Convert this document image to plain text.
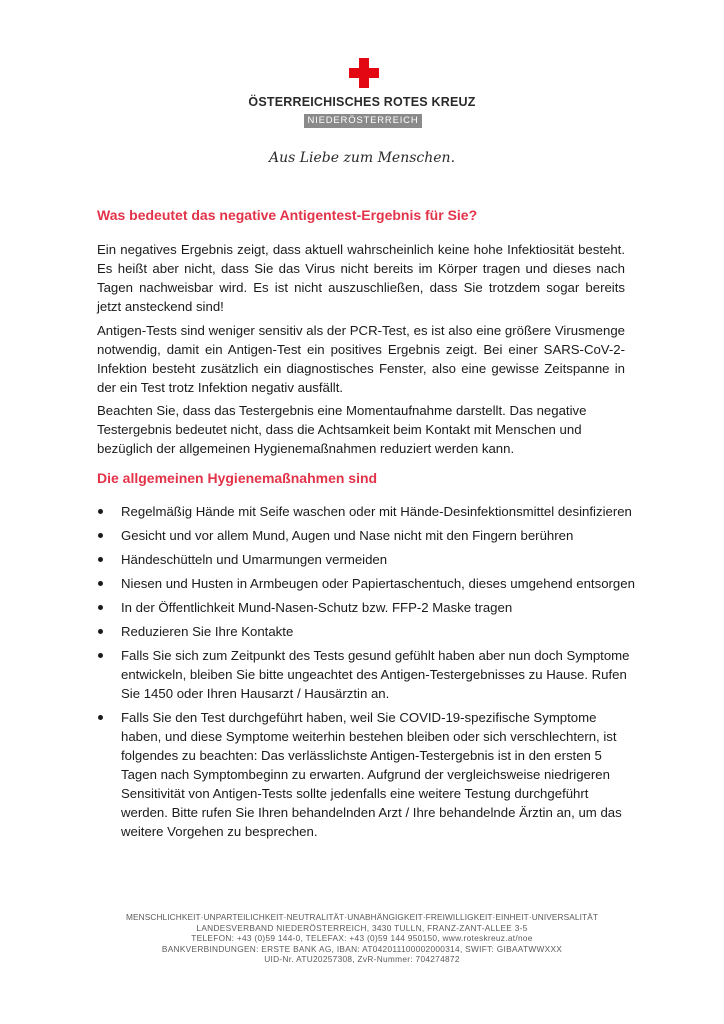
ÖSTERREICHISCHES ROTES KREUZ
NIEDERÖSTERREICH
Aus Liebe zum Menschen.
Was bedeutet das negative Antigentest-Ergebnis für Sie?

Ein negatives Ergebnis zeigt, dass aktuell wahrscheinlich keine hohe Infektiosität besteht. Es heißt aber nicht, dass Sie das Virus nicht bereits im Körper tragen und dieses nach Tagen nachweisbar wird. Es ist nicht auszuschließen, dass Sie trotzdem sogar bereits jetzt ansteckend sind!

Antigen-Tests sind weniger sensitiv als der PCR-Test, es ist also eine größere Virusmenge notwendig, damit ein Antigen-Test ein positives Ergebnis zeigt. Bei einer SARS-CoV-2-Infektion besteht zusätzlich ein diagnostisches Fenster, also eine gewisse Zeitspanne in der ein Test trotz Infektion negativ ausfällt.

Beachten Sie, dass das Testergebnis eine Momentaufnahme darstellt. Das negative Testergebnis bedeutet nicht, dass die Achtsamkeit beim Kontakt mit Menschen und bezüglich der allgemeinen Hygienemaßnahmen reduziert werden kann.

Die allgemeinen Hygienemaßnahmen sind
Regelmäßig Hände mit Seife waschen oder mit Hände-Desinfektionsmittel desinfizieren
Gesicht und vor allem Mund, Augen und Nase nicht mit den Fingern berühren
Händeschütteln und Umarmungen vermeiden
Niesen und Husten in Armbeugen oder Papiertaschentuch, dieses umgehend entsorgen
In der Öffentlichkeit Mund-Nasen-Schutz bzw. FFP-2 Maske tragen
Reduzieren Sie Ihre Kontakte
Falls Sie sich zum Zeitpunkt des Tests gesund gefühlt haben aber nun doch Symptome entwickeln, bleiben Sie bitte ungeachtet des Antigen-Testergebnisses zu Hause. Rufen Sie 1450 oder Ihren Hausarzt / Hausärztin an.
Falls Sie den Test durchgeführt haben, weil Sie COVID-19-spezifische Symptome haben, und diese Symptome weiterhin bestehen bleiben oder sich verschlechtern, ist folgendes zu beachten: Das verlässlichste Antigen-Testergebnis ist in den ersten 5 Tagen nach Symptombeginn zu erwarten. Aufgrund der vergleichsweise niedrigeren Sensitivität von Antigen-Tests sollte jedenfalls eine weitere Testung durchgeführt werden. Bitte rufen Sie Ihren behandelnden Arzt / Ihre behandelnde Ärztin an, um das weitere Vorgehen zu besprechen.
MENSCHLICHKEIT·UNPARTEILICHKEIT·NEUTRALITÄT·UNABHÄNGIGKEIT·FREIWILLIGKEIT·EINHEIT·UNIVERSALITÄT
LANDESVERBAND NIEDERÖSTERREICH, 3430 TULLN, FRANZ-ZANT-ALLEE 3-5
TELEFON: +43 (0)59 144-0, TELEFAX: +43 (0)59 144 950150, www.roteskreuz.at/noe
BANKVERBINDUNGEN: ERSTE BANK AG, IBAN: AT042011100002000314, SWIFT: GIBAATWWXXX
UID-Nr. ATU20257308, ZvR-Nummer: 704274872
